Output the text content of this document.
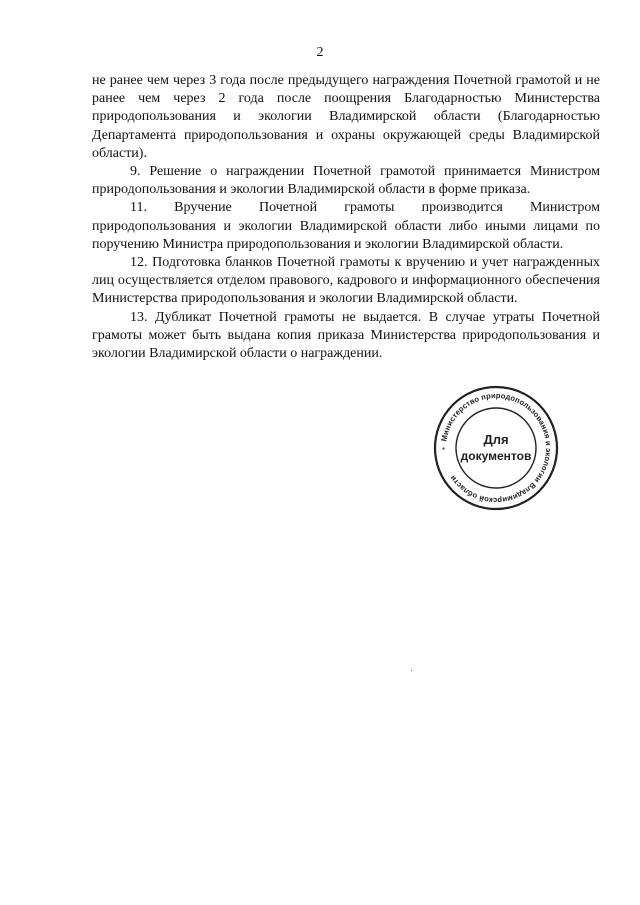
2

не ранее чем через 3 года после предыдущего награждения Почетной грамотой и не ранее чем через 2 года после поощрения Благодарностью Министерства природопользования и экологии Владимирской области (Благодарностью Департамента природопользования и охраны окружающей среды Владимирской области).

9. Решение о награждении Почетной грамотой принимается Министром природопользования и экологии Владимирской области в форме приказа.

11. Вручение Почетной грамоты производится Министром природопользования и экологии Владимирской области либо иными лицами по поручению Министра природопользования и экологии Владимирской области.

12. Подготовка бланков Почетной грамоты к вручению и учет награжденных лиц осуществляется отделом правового, кадрового и информационного обеспечения Министерства природопользования и экологии Владимирской области.

13. Дубликат Почетной грамоты не выдается. В случае утраты Почетной грамоты может быть выдана копия приказа Министерства природопользования и экологии Владимирской области о награждении.

Министерство природопользования и экологии Владимирской области
*
Для
документов
